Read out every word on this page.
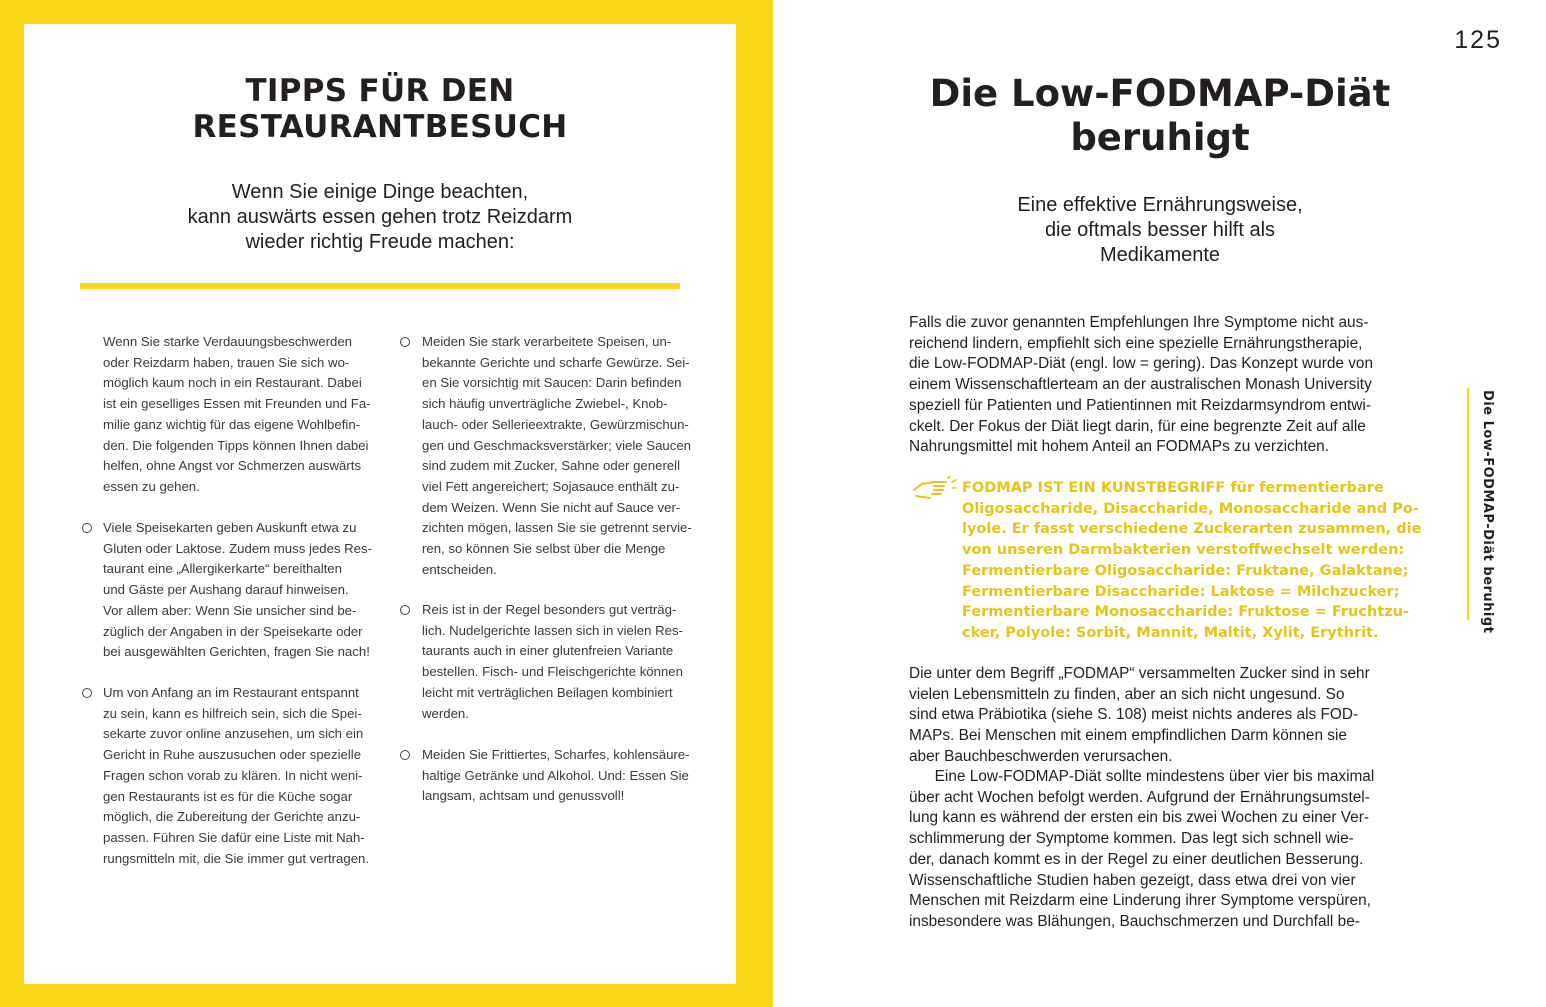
TIPPS FÜR DEN
RESTAURANTBESUCH

Wenn Sie einige Dinge beachten,
kann auswärts essen gehen trotz Reizdarm
wieder richtig Freude machen:

Wenn Sie starke Verdauungsbeschwerden
oder Reizdarm haben, trauen Sie sich wo-
möglich kaum noch in ein Restaurant. Dabei
ist ein geselliges Essen mit Freunden und Fa-
milie ganz wichtig für das eigene Wohlbefin-
den. Die folgenden Tipps können Ihnen dabei
helfen, ohne Angst vor Schmerzen auswärts
essen zu gehen.

Viele Speisekarten geben Auskunft etwa zu
Gluten oder Laktose. Zudem muss jedes Res-
taurant eine „Allergikerkarte“ bereithalten
und Gäste per Aushang darauf hinweisen.
Vor allem aber: Wenn Sie unsicher sind be-
züglich der Angaben in der Speisekarte oder
bei ausgewählten Gerichten, fragen Sie nach!

Um von Anfang an im Restaurant entspannt
zu sein, kann es hilfreich sein, sich die Spei-
sekarte zuvor online anzusehen, um sich ein
Gericht in Ruhe auszusuchen oder spezielle
Fragen schon vorab zu klären. In nicht weni-
gen Restaurants ist es für die Küche sogar
möglich, die Zubereitung der Gerichte anzu-
passen. Führen Sie dafür eine Liste mit Nah-
rungsmitteln mit, die Sie immer gut vertragen.

Meiden Sie stark verarbeitete Speisen, un-
bekannte Gerichte und scharfe Gewürze. Sei-
en Sie vorsichtig mit Saucen: Darin befinden
sich häufig unverträgliche Zwiebel-, Knob-
lauch- oder Sellerieextrakte, Gewürzmischun-
gen und Geschmacksverstärker; viele Saucen
sind zudem mit Zucker, Sahne oder generell
viel Fett angereichert; Sojasauce enthält zu-
dem Weizen. Wenn Sie nicht auf Sauce ver-
zichten mögen, lassen Sie sie getrennt servie-
ren, so können Sie selbst über die Menge
entscheiden.

Reis ist in der Regel besonders gut verträg-
lich. Nudelgerichte lassen sich in vielen Res-
taurants auch in einer glutenfreien Variante
bestellen. Fisch- und Fleischgerichte können
leicht mit verträglichen Beilagen kombiniert
werden.

Meiden Sie Frittiertes, Scharfes, kohlensäure-
haltige Getränke und Alkohol. Und: Essen Sie
langsam, achtsam und genussvoll!

125

Die Low-FODMAP-Diät
beruhigt

Eine effektive Ernährungsweise,
die oftmals besser hilft als
Medikamente

Falls die zuvor genannten Empfehlungen Ihre Symptome nicht aus-
reichend lindern, empfiehlt sich eine spezielle Ernährungstherapie,
die Low-FODMAP-Diät (engl. low = gering). Das Konzept wurde von
einem Wissenschaftlerteam an der australischen Monash University
speziell für Patienten und Patientinnen mit Reizdarmsyndrom entwi-
ckelt. Der Fokus der Diät liegt darin, für eine begrenzte Zeit auf alle
Nahrungsmittel mit hohem Anteil an FODMAPs zu verzichten.

FODMAP IST EIN KUNSTBEGRIFF für fermentierbare
Oligosaccharide, Disaccharide, Monosaccharide and Po-
lyole. Er fasst verschiedene Zuckerarten zusammen, die
von unseren Darmbakterien verstoffwechselt werden:
Fermentierbare Oligosaccharide: Fruktane, Galaktane;
Fermentierbare Disaccharide: Laktose = Milchzucker;
Fermentierbare Monosaccharide: Fruktose = Fruchtzu-
cker, Polyole: Sorbit, Mannit, Maltit, Xylit, Erythrit.

Die unter dem Begriff „FODMAP“ versammelten Zucker sind in sehr
vielen Lebensmitteln zu finden, aber an sich nicht ungesund. So
sind etwa Präbiotika (siehe S. 108) meist nichts anderes als FOD-
MAPs. Bei Menschen mit einem empfindlichen Darm können sie
aber Bauchbeschwerden verursachen.

Eine Low-FODMAP-Diät sollte mindestens über vier bis maximal
über acht Wochen befolgt werden. Aufgrund der Ernährungsumstel-
lung kann es während der ersten ein bis zwei Wochen zu einer Ver-
schlimmerung der Symptome kommen. Das legt sich schnell wie-
der, danach kommt es in der Regel zu einer deutlichen Besserung.
Wissenschaftliche Studien haben gezeigt, dass etwa drei von vier
Menschen mit Reizdarm eine Linderung ihrer Symptome verspüren,
insbesondere was Blähungen, Bauchschmerzen und Durchfall be-

Die Low-FODMAP-Diät beruhigt
